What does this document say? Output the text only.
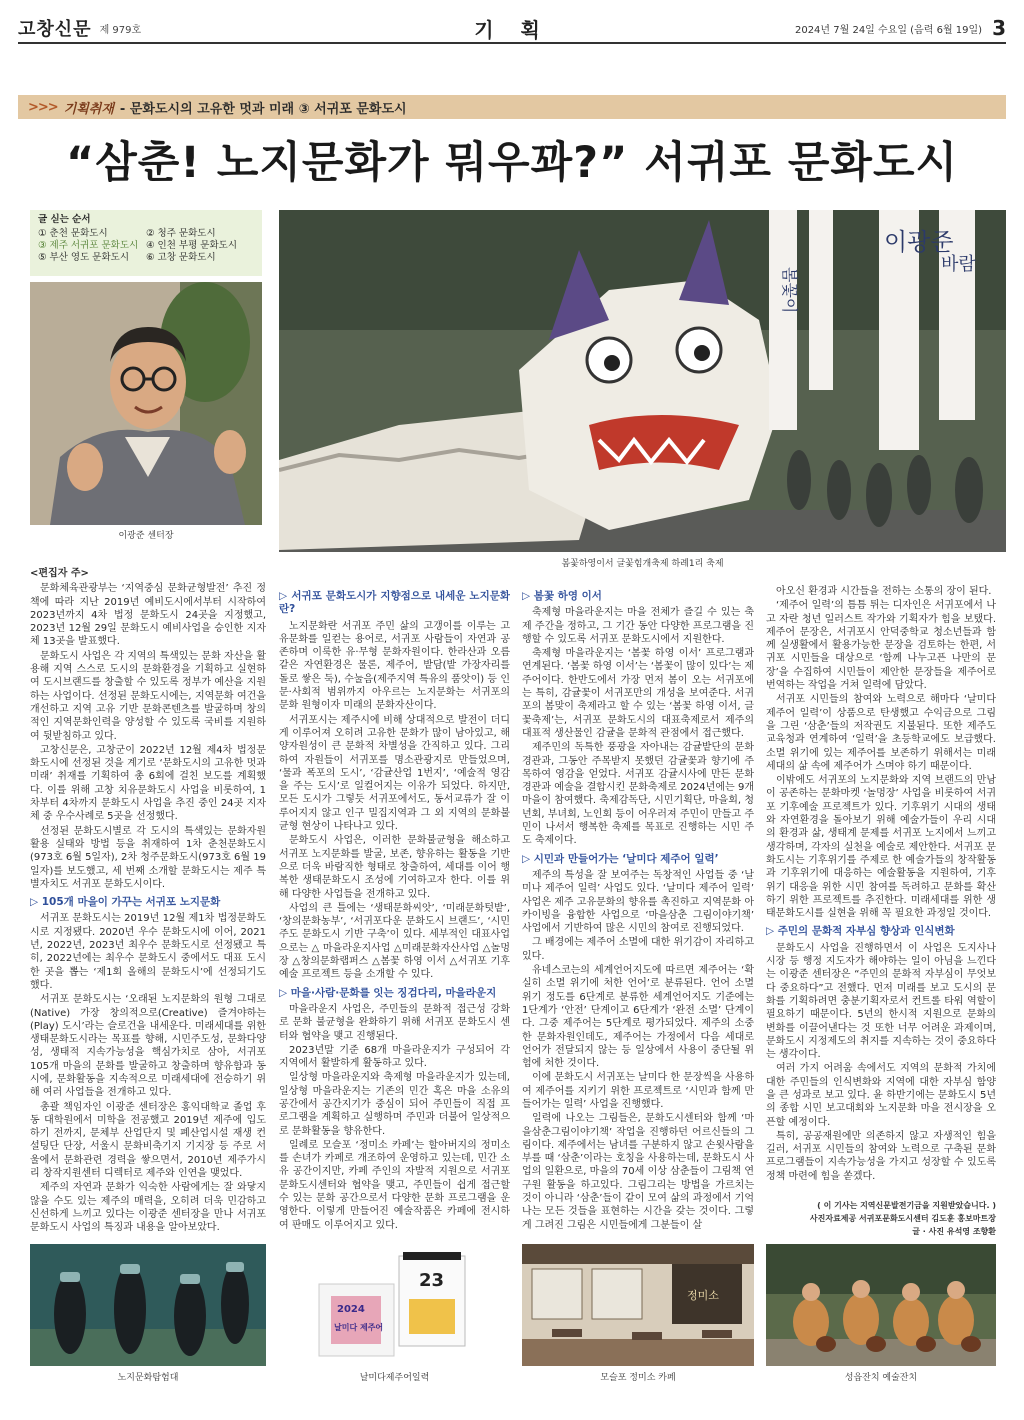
고창신문 제 979호	기 획	2024년 7월 24일 수요일 (음력 6월 19일) 3
>>> 기획취재 - 문화도시의 고유한 멋과 미래 ③ 서귀포 문화도시
“삼춘! 노지문화가 뭐우꽈?” 서귀포 문화도시
글 싣는 순서
① 춘천 문화도시	② 청주 문화도시
③ 제주 서귀포 문화도시 ④ 인천 부평 문화도시
⑤ 부산 영도 문화도시	⑥ 고창 문화도시
이광준 센터장
이광준
봄꽃이
바람
봄꽃하영이서 글꽃힘개축제 하례1리 축제
<편집자 주>

문화체육관광부는 ‘지역중심 문화균형발전’ 추진 정책에 따라 지난 2019년 예비도시에서부터 시작하여 2023년까지 4차 법정 문화도시 24곳을 지정했고, 2023년 12월 29일 문화도시 예비사업을 승인한 지자체 13곳을 발표했다.

문화도시 사업은 각 지역의 특색있는 문화 자산을 활용해 지역 스스로 도시의 문화환경을 기획하고 실현하여 도시브랜드를 창출할 수 있도록 정부가 예산을 지원하는 사업이다. 선정된 문화도시에는, 지역문화 여건을 개선하고 지역 고유 기반 문화콘텐츠를 발굴하며 창의적인 지역문화인력을 양성할 수 있도록 국비를 지원하여 뒷받침하고 있다.

고창신문은, 고창군이 2022년 12월 제4차 법정문화도시에 선정된 것을 계기로 ‘문화도시의 고유한 멋과 미래’ 취재를 기획하여 총 6회에 걸친 보도를 계획했다. 이를 위해 고창 치유문화도시 사업을 비롯하여, 1차부터 4차까지 문화도시 사업을 추진 중인 24곳 지자체 중 우수사례로 5곳을 선정했다.

선정된 문화도시별로 각 도시의 특색있는 문화자원 활용 실태와 방법 등을 취재하여 1차 춘천문화도시(973호 6월 5일자), 2차 청주문화도시(973호 6월 19일자)를 보도했고, 세 번째 소개할 문화도시는 제주 특별자치도 서귀포 문화도시이다.

▷ 105개 마을이 가꾸는 서귀포 노지문화

서귀포 문화도시는 2019년 12월 제1차 법정문화도시로 지정됐다. 2020년 우수 문화도시에 이어, 2021년, 2022년, 2023년 최우수 문화도시로 선정됐고 특히, 2022년에는 최우수 문화도시 중에서도 대표 도시한 곳을 뽑는 ‘제1회 올해의 문화도시’에 선정되기도 했다.

서귀포 문화도시는 ‘오래된 노지문화의 원형 그대로(Native) 가장 창의적으로(Creative) 즐겨야하는(Play) 도시’라는 슬로건을 내세운다. 미래세대를 위한 생태문화도시라는 목표를 향해, 시민주도성, 문화다양성, 생태적 지속가능성을 핵심가치로 삼아, 서귀포 105개 마을의 문화를 발굴하고 창출하며 향유함과 동시에, 문화활동을 지속적으로 미래세대에 전승하기 위해 여러 사업들을 전개하고 있다.

총괄 책임자인 이광준 센터장은 홍익대학교 졸업 후 동 대학원에서 미학을 전공했고 2019년 제주에 입도하기 전까지, 문체부 산업단지 및 폐산업시설 재생 컨설팅단 단장, 서울시 문화비축기지 기지장 등 주로 서울에서 문화관련 경력을 쌓으면서, 2010년 제주가시리 창작지원센터 디렉터로 제주와 인연을 맺었다.

제주의 자연과 문화가 익숙한 사람에게는 잘 와닿지 않을 수도 있는 제주의 매력을, 오히려 더욱 민감하고 신선하게 느끼고 있다는 이광준 센터장을 만나 서귀포 문화도시 사업의 특징과 내용을 알아보았다.

▷ 서귀포 문화도시가 지향점으로 내세운 노지문화란?

노지문화란 서귀포 주민 삶의 고갱이를 이루는 고유문화를 일컫는 용어로, 서귀포 사람들이 자연과 공존하며 이룩한 유·무형 문화자원이다. 한라산과 오름 같은 자연환경은 물론, 제주어, 밭담(밭 가장자리를 돌로 쌓은 둑), 수눌음(제주지역 특유의 품앗이) 등 인문·사회적 범위까지 아우르는 노지문화는 서귀포의 문화 원형이자 미래의 문화자산이다.

서귀포시는 제주시에 비해 상대적으로 발전이 더디게 이루어져 오히려 고유한 문화가 많이 남아있고, 해양자원성이 큰 문화적 차별성을 간직하고 있다. 그리하여 자원들이 서귀포를 명소관광지로 만들었으며, ‘물과 폭포의 도시’, ‘감귤산업 1번지’, ‘예술적 영감을 주는 도시’로 일컬어지는 이유가 되었다. 하지만, 모든 도시가 그렇듯 서귀포에서도, 동서교류가 잘 이루어지지 않고 인구 밀집지역과 그 외 지역의 문화불균형 현상이 나타나고 있다.

문화도시 사업은, 이러한 문화불균형을 해소하고 서귀포 노지문화를 발굴, 보존, 향유하는 활동을 기반으로 더욱 바람직한 형태로 창출하여, 세대를 이어 행복한 생태문화도시 조성에 기여하고자 한다. 이를 위해 다양한 사업들을 전개하고 있다.

사업의 큰 틀에는 ‘생태문화씨앗’, ‘미래문화텃밭’, ‘창의문화농부’, ‘서귀포다운 문화도시 브랜드’, ‘시민주도 문화도시 기반 구축’이 있다. 세부적인 대표사업으로는 △ 마을라운지사업 △미래문화자산사업 △놀멍장 △창의문화랩퍼스 △봄꽃 하영 이서 △서귀포 기후예술 프로젝트 등을 소개할 수 있다.

▷ 마을·사람·문화를 잇는 징검다리, 마을라운지

마을라운지 사업은, 주민들의 문화적 접근성 강화로 문화 불균형을 완화하기 위해 서귀포 문화도시 센터와 협약을 맺고 진행된다.

2023년말 기준 68개 마을라운지가 구성되어 각 지역에서 활발하게 활동하고 있다.

일상형 마을라운지와 축제형 마을라운지가 있는데, 일상형 마을라운지는 기존의 민간 혹은 마을 소유의 공간에서 공간지기가 중심이 되어 주민들이 직접 프로그램을 계획하고 실행하며 주민과 더불어 일상적으로 문화활동을 향유한다.

일례로 모슬포 ‘정미소 카페’는 할아버지의 정미소를 손녀가 카페로 개조하여 운영하고 있는데, 민간 소유 공간이지만, 카페 주인의 자발적 지원으로 서귀포 문화도시센터와 협약을 맺고, 주민들이 쉽게 접근할 수 있는 문화 공간으로서 다양한 문화 프로그램을 운영한다. 이렇게 만들어진 예술작품은 카페에 전시하여 판매도 이루어지고 있다.

▷ 봄꽃 하영 이서

축제형 마을라운지는 마을 전체가 즐길 수 있는 축제 주간을 정하고, 그 기간 동안 다양한 프로그램을 진행할 수 있도록 서귀포 문화도시에서 지원한다.

축제형 마을라운지는 ‘봄꽃 하영 이서’ 프로그램과 연계된다. ‘봄꽃 하영 이서’는 ‘봄꽃이 많이 있다’는 제주어이다. 한반도에서 가장 먼저 봄이 오는 서귀포에는 특히, 감귤꽃이 서귀포만의 개성을 보여준다. 서귀포의 봄맞이 축제라고 할 수 있는 ‘봄꽃 하영 이서, 글꽃축제’는, 서귀포 문화도시의 대표축제로서 제주의 대표적 생산물인 감귤을 문화적 관점에서 접근했다.

제주민의 독특한 풍광을 자아내는 감귤밭단의 문화경관과, 그동안 주목받지 못했던 감귤꽃과 향기에 주목하여 영감을 얻었다. 서귀포 감귤시사에 만든 문화 경관과 예술을 결합시킨 문화축제로 2024년에는 9개 마을이 참여했다. 축제감독단, 시민기획단, 마을회, 청년회, 부녀회, 노인회 등이 어우러져 주민이 만들고 주민이 나서서 행복한 축제를 목표로 진행하는 시민 주도 축제이다.

▷ 시민과 만들어가는 ‘날미다 제주어 일력’

제주의 특성을 잘 보여주는 독창적인 사업들 중 ‘날미나 제주어 일력’ 사업도 있다. ‘날미다 제주어 일력’ 사업은 제주 고유문화의 향유를 촉진하고 지역문화 아카이빙을 융합한 사업으로 ‘마을삼춘 그림이야기책’ 사업에서 기반하여 많은 시민의 참여로 진행되었다.

그 배경에는 제주어 소멸에 대한 위기감이 자리하고 있다.

유네스코는의 세계언어지도에 따르면 제주어는 ‘확실히 소멸 위기에 처한 언어’로 분류된다. 언어 소멸 위기 정도를 6단계로 분류한 세계언어지도 기준에는 1단계가 ‘안전’ 단계이고 6단계가 ‘완전 소멸’ 단계이다. 그중 제주어는 5단계로 평가되었다. 제주의 소중한 문화자원인데도, 제주어는 가정에서 다음 세대로 언어가 전달되지 않는 등 일상에서 사용이 중단될 위험에 처한 것이다.

이에 문화도시 서귀포는 날미다 한 문장씩을 사용하여 제주어를 지키기 위한 프로젝트로 ‘시민과 함께 만들어가는 일력’ 사업을 진행했다.

일력에 나오는 그림들은, 문화도시센터와 함께 ‘마을삼춘그림이야기책’ 작업을 진행하던 어르신들의 그림이다. 제주에서는 남녀를 구분하지 않고 손윗사람을 부를 때 ‘삼춘’이라는 호칭을 사용하는데, 문화도시 사업의 일환으로, 마을의 70세 이상 삼춘들이 그림책 연구원 활동을 하고있다. 그림그리는 방법을 가르치는 것이 아니라 ‘삼춘’들이 같이 모여 삶의 과정에서 기억나는 모든 것들을 표현하는 시간을 갖는 것이다. 그렇게 그려진 그림은 시민들에게 그분들이 살

아오신 환경과 시간들을 전하는 소통의 장이 된다.

‘제주어 일력’의 틈틈 튀는 디자인은 서귀포에서 나고 자란 청년 일러스트 작가와 기획자가 힘을 보탰다. 제주어 문장은, 서귀포시 안덕중학교 청소년들과 함께 실생활에서 활용가능한 문장을 검토하는 한편, 서귀포 시민들을 대상으로 ‘함께 나누고픈 나만의 문장’을 수집하여 시민들이 제안한 문장들을 제주어로 번역하는 작업을 거쳐 일력에 담았다.

서귀포 시민들의 참여와 노력으로 해마다 ‘날미다 제주어 일력’이 상품으로 탄생했고 수익금으로 그림을 그린 ‘삼춘’들의 저작권도 지불된다. 또한 제주도 교육청과 연계하여 ‘일력’을 초등학교에도 보급했다. 소멸 위기에 있는 제주어를 보존하기 위해서는 미래세대의 삶 속에 제주어가 스며야 하기 때문이다.

이밖에도 서귀포의 노지문화와 지역 브랜드의 만남이 공존하는 문화마켓 ‘놀멍장’ 사업을 비롯하여 서귀포 기후예술 프로젝트가 있다. 기후위기 시대의 생태와 자연환경을 돌아보기 위해 예술가들이 우리 시대의 환경과 삶, 생태계 문제를 서귀포 노지에서 느끼고 생각하며, 각자의 실천을 예술로 제안한다. 서귀포 문화도시는 기후위기를 주제로 한 예술가들의 창작활동과 기후위기에 대응하는 예술활동을 지원하여, 기후위기 대응을 위한 시민 참여를 독려하고 문화를 확산하기 위한 프로젝트를 추진한다. 미래세대를 위한 생태문화도시를 실현을 위해 꼭 필요한 과정일 것이다.

▷ 주민의 문화적 자부심 향상과 인식변화

문화도시 사업을 진행하면서 이 사업은 도지사나 시장 등 행정 지도자가 해야하는 일이 아님을 느낀다는 이광준 센터장은 “주민의 문화적 자부심이 무엇보다 중요하다”고 전했다. 먼저 미래를 보고 도시의 문화를 기획하려면 충분기획자로서 컨트롤 타워 역할이 필요하기 때문이다. 5년의 한시적 지원으로 문화의 변화를 이끌어낸다는 것 또한 너무 어려운 과제이며, 문화도시 지정제도의 취지를 지속하는 것이 중요하다는 생각이다.

여러 가지 어려움 속에서도 지역의 문화적 가치에 대한 주민들의 인식변화와 지역에 대한 자부심 함양을 큰 성과로 보고 있다. 윤 하반기에는 문화도시 5년의 종합 시민 보고대회와 노지문화 마을 전시장을 오픈할 예정이다.

특히, 공공재원에만 의존하지 않고 자생적인 힘을 길러, 서귀포 시민들의 참여와 노력으로 구축된 문화 프로그램들이 지속가능성을 가지고 성장할 수 있도록 정책 마련에 힘을 쏟겠다.

( 이 기사는 지역신문발전기금을 지원받았습니다. )
사진자료제공 서귀포문화도시센터 김도훈 홍보마트장
글 · 사진 유석영 조향환
노지문화탐험대
2024
날미다 제주어
23
날미다제주어일력
정미소
모슬포 정미소 카페	성읍잔치 예술잔치
